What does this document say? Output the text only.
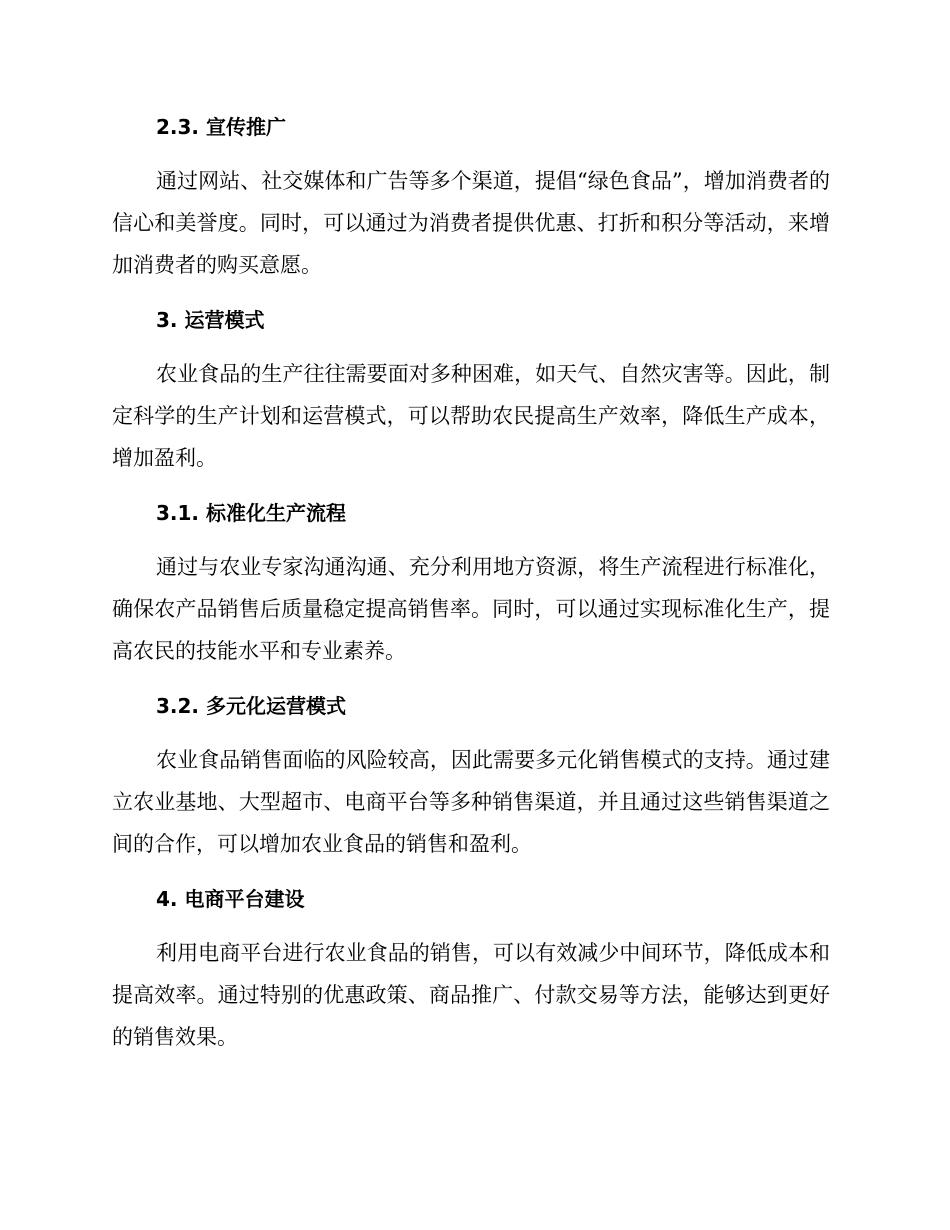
2.3. 宣传推广

通过网站、社交媒体和广告等多个渠道，提倡“绿色食品”，增加消费者的信心和美誉度。同时，可以通过为消费者提供优惠、打折和积分等活动，来增加消费者的购买意愿。

3. 运营模式

农业食品的生产往往需要面对多种困难，如天气、自然灾害等。因此，制定科学的生产计划和运营模式，可以帮助农民提高生产效率，降低生产成本，增加盈利。

3.1. 标准化生产流程

通过与农业专家沟通沟通、充分利用地方资源，将生产流程进行标准化，确保农产品销售后质量稳定提高销售率。同时，可以通过实现标准化生产，提高农民的技能水平和专业素养。

3.2. 多元化运营模式

农业食品销售面临的风险较高，因此需要多元化销售模式的支持。通过建立农业基地、大型超市、电商平台等多种销售渠道，并且通过这些销售渠道之间的合作，可以增加农业食品的销售和盈利。

4. 电商平台建设

利用电商平台进行农业食品的销售，可以有效减少中间环节，降低成本和提高效率。通过特别的优惠政策、商品推广、付款交易等方法，能够达到更好的销售效果。
